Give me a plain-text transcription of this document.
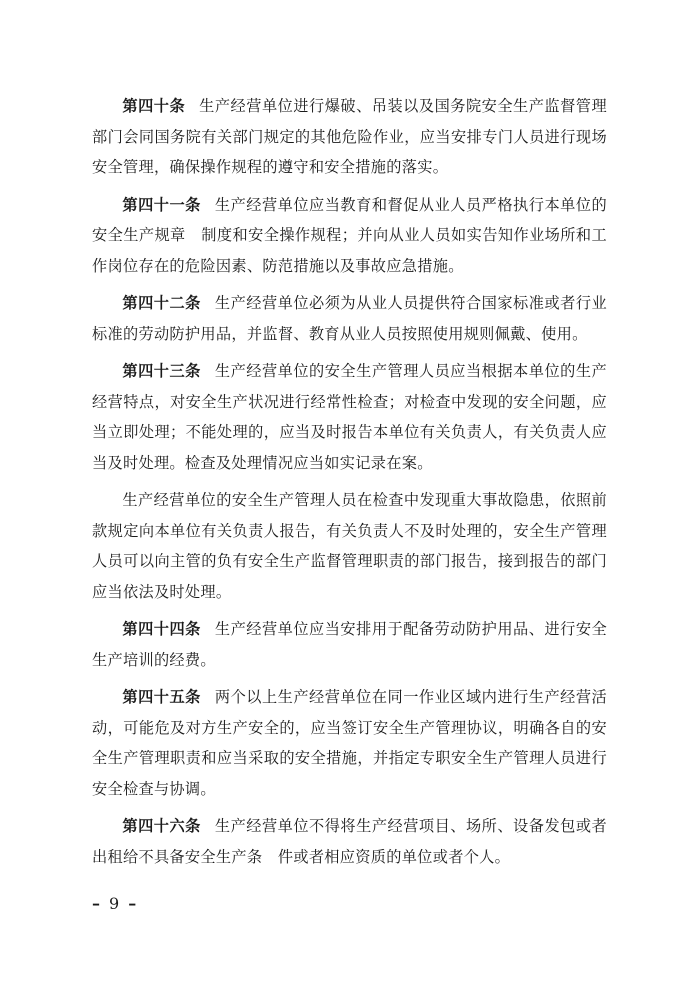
第四十条 生产经营单位进行爆破、吊装以及国务院安全生产监督管理部门会同国务院有关部门规定的其他危险作业，应当安排专门人员进行现场安全管理，确保操作规程的遵守和安全措施的落实。

第四十一条 生产经营单位应当教育和督促从业人员严格执行本单位的安全生产规章　制度和安全操作规程；并向从业人员如实告知作业场所和工作岗位存在的危险因素、防范措施以及事故应急措施。

第四十二条 生产经营单位必须为从业人员提供符合国家标准或者行业标准的劳动防护用品，并监督、教育从业人员按照使用规则佩戴、使用。

第四十三条 生产经营单位的安全生产管理人员应当根据本单位的生产经营特点，对安全生产状况进行经常性检查；对检查中发现的安全问题，应当立即处理；不能处理的，应当及时报告本单位有关负责人，有关负责人应当及时处理。检查及处理情况应当如实记录在案。

生产经营单位的安全生产管理人员在检查中发现重大事故隐患，依照前款规定向本单位有关负责人报告，有关负责人不及时处理的，安全生产管理人员可以向主管的负有安全生产监督管理职责的部门报告，接到报告的部门应当依法及时处理。

第四十四条 生产经营单位应当安排用于配备劳动防护用品、进行安全生产培训的经费。

第四十五条 两个以上生产经营单位在同一作业区域内进行生产经营活动，可能危及对方生产安全的，应当签订安全生产管理协议，明确各自的安全生产管理职责和应当采取的安全措施，并指定专职安全生产管理人员进行安全检查与协调。

第四十六条 生产经营单位不得将生产经营项目、场所、设备发包或者出租给不具备安全生产条　件或者相应资质的单位或者个人。

– 9 –
